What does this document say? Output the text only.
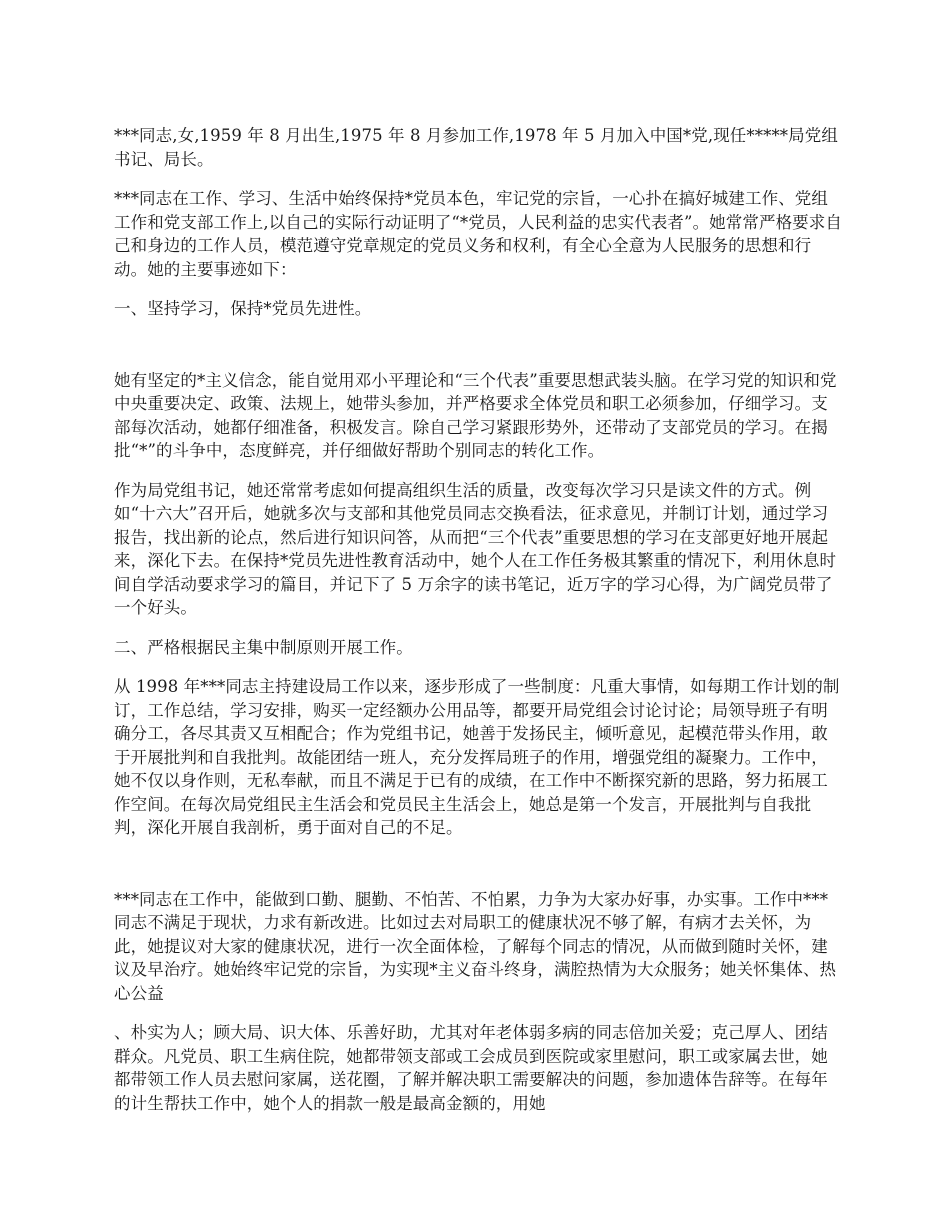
***同志,女,1959 年 8 月出生,1975 年 8 月参加工作,1978 年 5 月加入中国*党,现任*****局党组书记、局长。

***同志在工作、学习、生活中始终保持*党员本色，牢记党的宗旨，一心扑在搞好城建工作、党组工作和党支部工作上,以自己的实际行动证明了“*党员，人民利益的忠实代表者”。她常常严格要求自己和身边的工作人员，模范遵守党章规定的党员义务和权利，有全心全意为人民服务的思想和行动。她的主要事迹如下：

一、坚持学习，保持*党员先进性。

她有坚定的*主义信念，能自觉用邓小平理论和“三个代表”重要思想武装头脑。在学习党的知识和党中央重要决定、政策、法规上，她带头参加，并严格要求全体党员和职工必须参加，仔细学习。支部每次活动，她都仔细准备，积极发言。除自己学习紧跟形势外，还带动了支部党员的学习。在揭批“*”的斗争中，态度鲜亮，并仔细做好帮助个别同志的转化工作。

作为局党组书记，她还常常考虑如何提高组织生活的质量，改变每次学习只是读文件的方式。例如“十六大”召开后，她就多次与支部和其他党员同志交换看法，征求意见，并制订计划，通过学习报告，找出新的论点，然后进行知识问答，从而把“三个代表”重要思想的学习在支部更好地开展起来，深化下去。在保持*党员先进性教育活动中，她个人在工作任务极其繁重的情况下，利用休息时间自学活动要求学习的篇目，并记下了 5 万余字的读书笔记，近万字的学习心得，为广阔党员带了一个好头。

二、严格根据民主集中制原则开展工作。

从 1998 年***同志主持建设局工作以来，逐步形成了一些制度：凡重大事情，如每期工作计划的制订，工作总结，学习安排，购买一定经额办公用品等，都要开局党组会讨论讨论；局领导班子有明确分工，各尽其责又互相配合；作为党组书记，她善于发扬民主，倾听意见，起模范带头作用，敢于开展批判和自我批判。故能团结一班人，充分发挥局班子的作用，增强党组的凝聚力。工作中，她不仅以身作则，无私奉献，而且不满足于已有的成绩，在工作中不断探究新的思路，努力拓展工作空间。在每次局党组民主生活会和党员民主生活会上，她总是第一个发言，开展批判与自我批判，深化开展自我剖析，勇于面对自己的不足。

***同志在工作中，能做到口勤、腿勤、不怕苦、不怕累，力争为大家办好事，办实事。工作中***同志不满足于现状，力求有新改进。比如过去对局职工的健康状况不够了解，有病才去关怀，为此，她提议对大家的健康状况，进行一次全面体检，了解每个同志的情况，从而做到随时关怀，建议及早治疗。她始终牢记党的宗旨，为实现*主义奋斗终身，满腔热情为大众服务；她关怀集体、热心公益

、朴实为人；顾大局、识大体、乐善好助，尤其对年老体弱多病的同志倍加关爱；克己厚人、团结群众。凡党员、职工生病住院，她都带领支部或工会成员到医院或家里慰问，职工或家属去世，她都带领工作人员去慰问家属，送花圈，了解并解决职工需要解决的问题，参加遗体告辞等。在每年的计生帮扶工作中，她个人的捐款一般是最高金额的，用她
